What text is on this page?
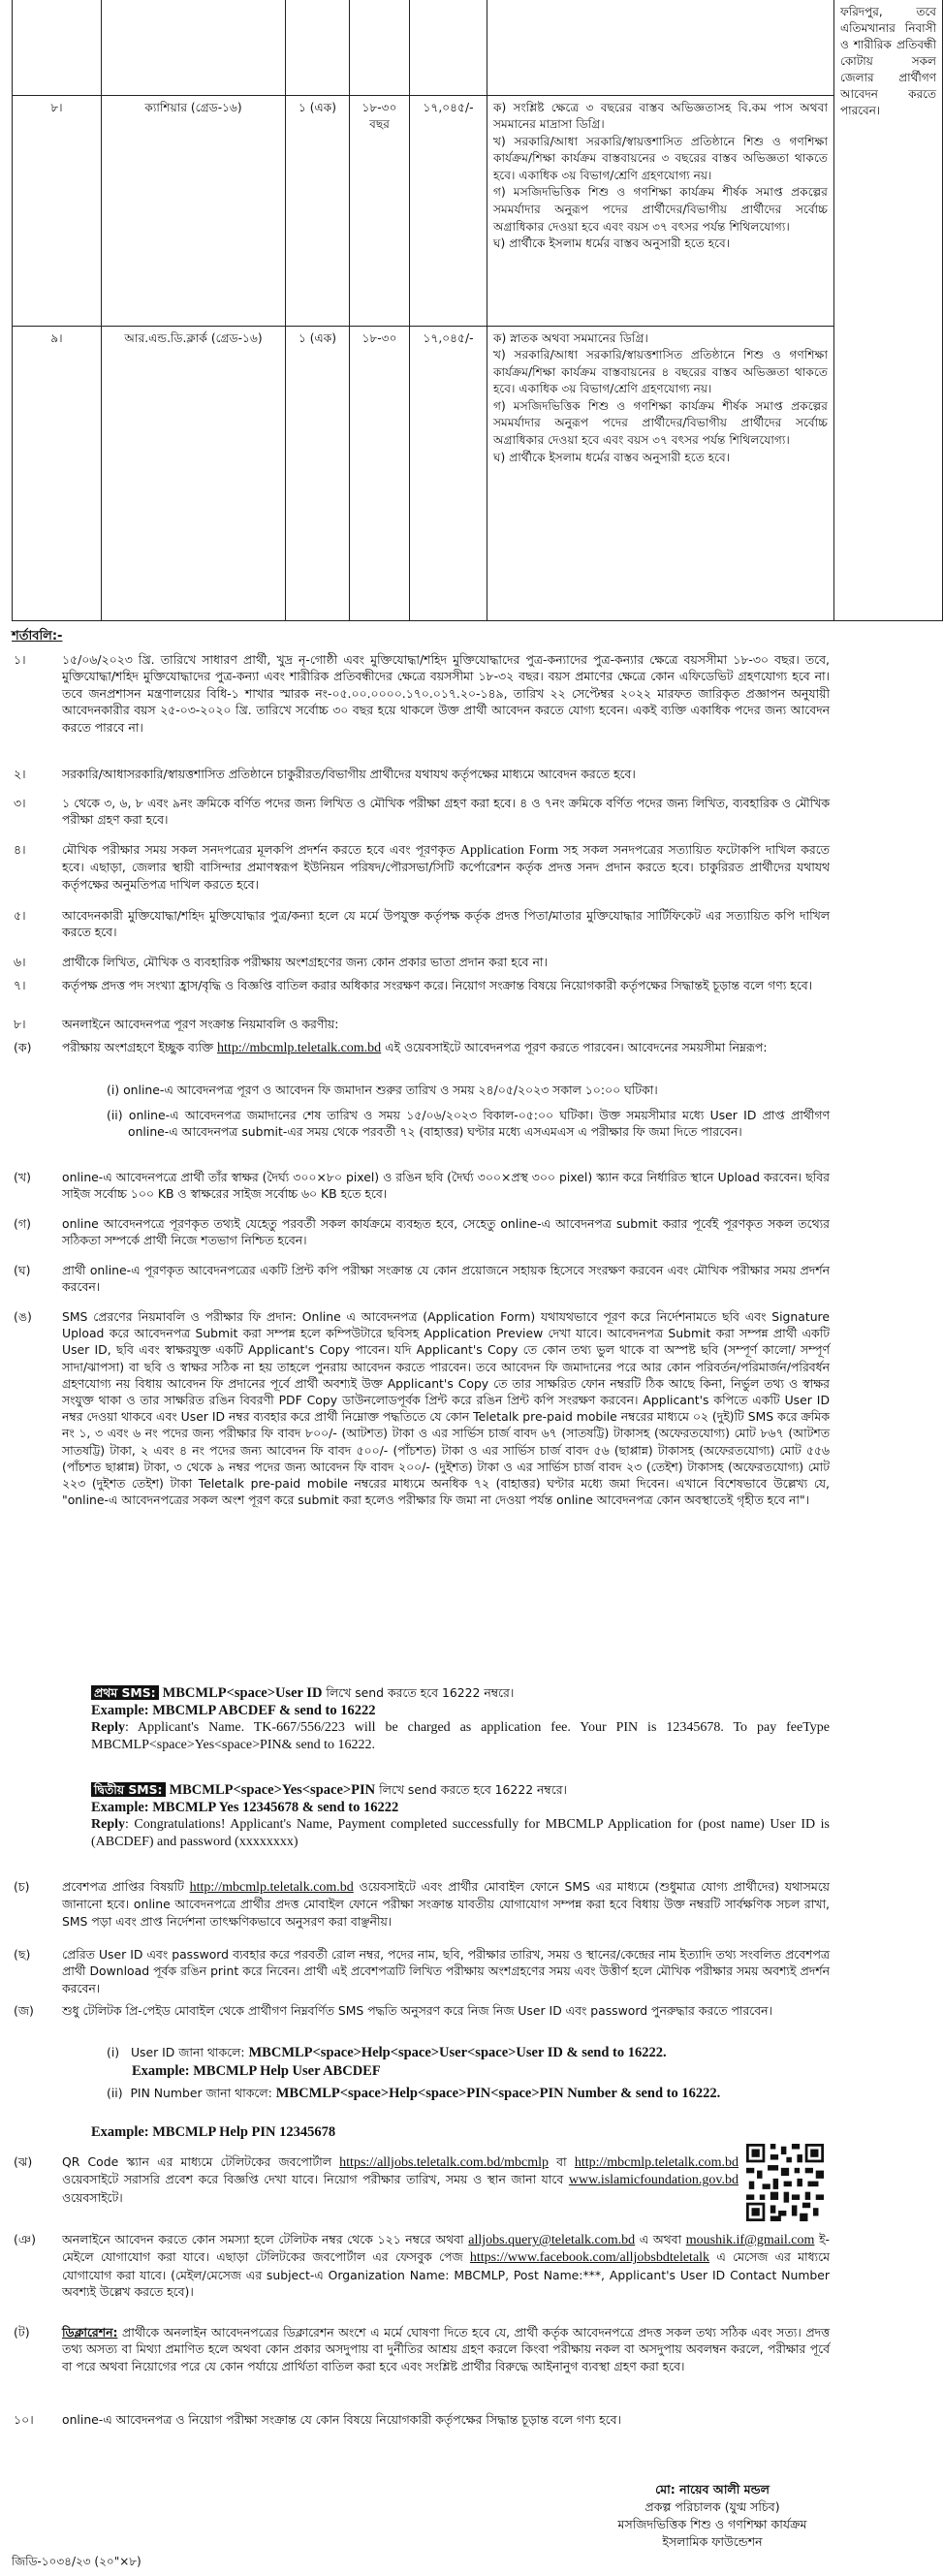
						ফরিদপুর, তবে এতিমখানার নিবাসী ও শারীরিক প্রতিবন্ধী কোটায় সকল জেলার প্রার্থীগণ আবেদন করতে পারবেন।
৮।	ক্যাশিয়ার (গ্রেড-১৬)	১ (এক)	১৮-৩০ বছর	১৭,০৪৫/-	ক) সংশ্লিষ্ট ক্ষেত্রে ৩ বছরের বাস্তব অভিজ্ঞতাসহ বি.কম পাস অথবা সমমানের মাদ্রাসা ডিগ্রি।
খ) সরকারি/আধা সরকারি/স্বায়ত্তশাসিত প্রতিষ্ঠানে শিশু ও গণশিক্ষা কার্যক্রম/শিক্ষা কার্যক্রম বাস্তবায়নের ৩ বছরের বাস্তব অভিজ্ঞতা থাকতে হবে। একাধিক ৩য় বিভাগ/শ্রেণি গ্রহণযোগ্য নয়।
গ) মসজিদভিত্তিক শিশু ও গণশিক্ষা কার্যক্রম শীর্ষক সমাপ্ত প্রকল্পের সমমর্যাদার অনুরূপ পদের প্রার্থীদের/বিভাগীয় প্রার্থীদের সর্বোচ্চ অগ্রাধিকার দেওয়া হবে এবং বয়স ৩৭ বৎসর পর্যন্ত শিথিলযোগ্য।
ঘ) প্রার্থীকে ইসলাম ধর্মের বাস্তব অনুসারী হতে হবে।	

৯।	আর.এন্ড.ডি.ক্লার্ক (গ্রেড-১৬)	১ (এক)	১৮-৩০	১৭,০৪৫/-	ক) স্নাতক অথবা সমমানের ডিগ্রি।
খ) সরকারি/আধা সরকারি/স্বায়ত্তশাসিত প্রতিষ্ঠানে শিশু ও গণশিক্ষা কার্যক্রম/শিক্ষা কার্যক্রম বাস্তবায়নের ৪ বছরের বাস্তব অভিজ্ঞতা থাকতে হবে। একাধিক ৩য় বিভাগ/শ্রেণি গ্রহণযোগ্য নয়।
গ) মসজিদভিত্তিক শিশু ও গণশিক্ষা কার্যক্রম শীর্ষক সমাপ্ত প্রকল্পের সমমর্যাদার অনুরূপ পদের প্রার্থীদের/বিভাগীয় প্রার্থীদের সর্বোচ্চ অগ্রাধিকার দেওয়া হবে এবং বয়স ৩৭ বৎসর পর্যন্ত শিথিলযোগ্য।
ঘ) প্রার্থীকে ইসলাম ধর্মের বাস্তব অনুসারী হতে হবে।	
শর্তাবলি:-
১।	১৫/০৬/২০২৩ খ্রি. তারিখে সাধারণ প্রার্থী, খুদ্র নৃ-গোষ্ঠী এবং মুক্তিযোদ্ধা/শহিদ মুক্তিযোদ্ধাদের পুত্র-কন্যাদের পুত্র-কন্যার ক্ষেত্রে বয়সসীমা ১৮-৩০ বছর। তবে, মুক্তিযোদ্ধা/শহিদ মুক্তিযোদ্ধাদের পুত্র-কন্যা এবং শারীরিক প্রতিবন্ধীদের ক্ষেত্রে বয়সসীমা ১৮-৩২ বছর। বয়স প্রমাণের ক্ষেত্রে কোন এফিডেভিট গ্রহণযোগ্য হবে না। তবে জনপ্রশাসন মন্ত্রণালয়ের বিধি-১ শাখার স্মারক নং-০৫.০০.০০০০.১৭০.০১৭.২০-১৪৯, তারিখ ২২ সেপ্টেম্বর ২০২২ মারফত জারিকৃত প্রজ্ঞাপন অনুযায়ী আবেদনকারীর বয়স ২৫-০৩-২০২০ খ্রি. তারিখে সর্বোচ্চ ৩০ বছর হয়ে থাকলে উক্ত প্রার্থী আবেদন করতে যোগ্য হবেন। একই ব্যক্তি একাধিক পদের জন্য আবেদন করতে পারবে না।
২।	সরকারি/আধাসরকারি/স্বায়ত্তশাসিত প্রতিষ্ঠানে চাকুরীরত/বিভাগীয় প্রার্থীদের যথাযথ কর্তৃপক্ষের মাধ্যমে আবেদন করতে হবে।
৩।	১ থেকে ৩, ৬, ৮ এবং ৯নং ক্রমিকে বর্ণিত পদের জন্য লিখিত ও মৌখিক পরীক্ষা গ্রহণ করা হবে। ৪ ও ৭নং ক্রমিকে বর্ণিত পদের জন্য লিখিত, ব্যবহারিক ও মৌখিক পরীক্ষা গ্রহণ করা হবে।
৪।	মৌখিক পরীক্ষার সময় সকল সনদপত্রের মূলকপি প্রদর্শন করতে হবে এবং পূরণকৃত Application Form সহ সকল সনদপত্রের সত্যায়িত ফটোকপি দাখিল করতে হবে। এছাড়া, জেলার স্থায়ী বাসিন্দার প্রমাণস্বরূপ ইউনিয়ন পরিষদ/পৌরসভা/সিটি কর্পোরেশন কর্তৃক প্রদত্ত সনদ প্রদান করতে হবে। চাকুরিরত প্রার্থীদের যথাযথ কর্তৃপক্ষের অনুমতিপত্র দাখিল করতে হবে।
৫।	আবেদনকারী মুক্তিযোদ্ধা/শহিদ মুক্তিযোদ্ধার পুত্র/কন্যা হলে যে মর্মে উপযুক্ত কর্তৃপক্ষ কর্তৃক প্রদত্ত পিতা/মাতার মুক্তিযোদ্ধার সার্টিফিকেট এর সত্যায়িত কপি দাখিল করতে হবে।
৬।	প্রার্থীকে লিখিত, মৌখিক ও ব্যবহারিক পরীক্ষায় অংশগ্রহণের জন্য কোন প্রকার ভাতা প্রদান করা হবে না।
৭।	কর্তৃপক্ষ প্রদত্ত পদ সংখ্যা হ্রাস/বৃদ্ধি ও বিজ্ঞপ্তি বাতিল করার অধিকার সংরক্ষণ করে। নিয়োগ সংক্রান্ত বিষয়ে নিয়োগকারী কর্তৃপক্ষের সিদ্ধান্তই চূড়ান্ত বলে গণ্য হবে।
৮।	অনলাইনে আবেদনপত্র পূরণ সংক্রান্ত নিয়মাবলি ও করণীয়:
(ক)	পরীক্ষায় অংশগ্রহণে ইচ্ছুক ব্যক্তি http://mbcmlp.teletalk.com.bd এই ওয়েবসাইটে আবেদনপত্র পূরণ করতে পারবেন। আবেদনের সময়সীমা নিম্নরূপ:
(i) online-এ আবেদনপত্র পূরণ ও আবেদন ফি জমাদান শুরুর তারিখ ও সময় ২৪/০৫/২০২৩ সকাল ১০:০০ ঘটিকা।
(ii) online-এ আবেদনপত্র জমাদানের শেষ তারিখ ও সময় ১৫/০৬/২০২৩ বিকাল-০৫:০০ ঘটিকা। উক্ত সময়সীমার মধ্যে User ID প্রাপ্ত প্রার্থীগণ online-এ আবেদনপত্র submit-এর সময় থেকে পরবর্তী ৭২ (বাহাত্তর) ঘণ্টার মধ্যে এসএমএস এ পরীক্ষার ফি জমা দিতে পারবেন।
(খ)	online-এ আবেদনপত্রে প্রার্থী তাঁর স্বাক্ষর (দৈর্ঘ্য ৩০০×৮০ pixel) ও রঙিন ছবি (দৈর্ঘ্য ৩০০×প্রস্থ ৩০০ pixel) স্ক্যান করে নির্ধারিত স্থানে Upload করবেন। ছবির সাইজ সর্বোচ্চ ১০০ KB ও স্বাক্ষরের সাইজ সর্বোচ্চ ৬০ KB হতে হবে।
(গ)	online আবেদনপত্রে পূরণকৃত তথ্যই যেহেতু পরবর্তী সকল কার্যক্রমে ব্যবহৃত হবে, সেহেতু online-এ আবেদনপত্র submit করার পূর্বেই পূরণকৃত সকল তথ্যের সঠিকতা সম্পর্কে প্রার্থী নিজে শতভাগ নিশ্চিত হবেন।
(ঘ)	প্রার্থী online-এ পূরণকৃত আবেদনপত্রের একটি প্রিন্ট কপি পরীক্ষা সংক্রান্ত যে কোন প্রয়োজনে সহায়ক হিসেবে সংরক্ষণ করবেন এবং মৌখিক পরীক্ষার সময় প্রদর্শন করবেন।
(ঙ)	SMS প্রেরণের নিয়মাবলি ও পরীক্ষার ফি প্রদান: Online এ আবেদনপত্র (Application Form) যথাযথভাবে পূরণ করে নির্দেশনামতে ছবি এবং Signature Upload করে আবেদনপত্র Submit করা সম্পন্ন হলে কম্পিউটারে ছবিসহ Application Preview দেখা যাবে। আবেদনপত্র Submit করা সম্পন্ন প্রার্থী একটি User ID, ছবি এবং স্বাক্ষরযুক্ত একটি Applicant's Copy পাবেন। যদি Applicant's Copy তে কোন তথ্য ভুল থাকে বা অস্পষ্ট ছবি (সম্পূর্ণ কালো/ সম্পূর্ণ সাদা/ঝাপসা) বা ছবি ও স্বাক্ষর সঠিক না হয় তাহলে পুনরায় আবেদন করতে পারবেন। তবে আবেদন ফি জমাদানের পরে আর কোন পরিবর্তন/পরিমার্জন/পরিবর্ধন গ্রহণযোগ্য নয় বিধায় আবেদন ফি প্রদানের পূর্বে প্রার্থী অবশ্যই উক্ত Applicant's Copy তে তার সাক্ষরিত ফোন নম্বরটি ঠিক আছে কিনা, নির্ভুল তথ্য ও স্বাক্ষর সংযুক্ত থাকা ও তার সাক্ষরিত রঙিন বিবরণী PDF Copy ডাউনলোডপূর্বক প্রিন্ট করে রঙিন প্রিন্ট কপি সংরক্ষণ করবেন। Applicant's কপিতে একটি User ID নম্বর দেওয়া থাকবে এবং User ID নম্বর ব্যবহার করে প্রার্থী নিম্নোক্ত পদ্ধতিতে যে কোন Teletalk pre-paid mobile নম্বরের মাধ্যমে ০২ (দুই)টি SMS করে ক্রমিক নং ১, ৩ এবং ৬ নং পদের জন্য পরীক্ষার ফি বাবদ ৮০০/- (আটশত) টাকা ও এর সার্ভিস চার্জ বাবদ ৬৭ (সাতষট্টি) টাকাসহ (অফেরতযোগ্য) মোট ৮৬৭ (আটশত সাতষট্টি) টাকা, ২ এবং ৪ নং পদের জন্য আবেদন ফি বাবদ ৫০০/- (পাঁচশত) টাকা ও এর সার্ভিস চার্জ বাবদ ৫৬ (ছাপ্পান্ন) টাকাসহ (অফেরতযোগ্য) মোট ৫৫৬ (পাঁচশত ছাপ্পান্ন) টাকা, ৩ থেকে ৯ নম্বর পদের জন্য আবেদন ফি বাবদ ২০০/- (দুইশত) টাকা ও এর সার্ভিস চার্জ বাবদ ২৩ (তেইশ) টাকাসহ (অফেরতযোগ্য) মোট ২২৩ (দুইশত তেইশ) টাকা Teletalk pre-paid mobile নম্বরের মাধ্যমে অনধিক ৭২ (বাহাত্তর) ঘণ্টার মধ্যে জমা দিবেন। এখানে বিশেষভাবে উল্লেখ্য যে, "online-এ আবেদনপত্রের সকল অংশ পূরণ করে submit করা হলেও পরীক্ষার ফি জমা না দেওয়া পর্যন্ত online আবেদনপত্র কোন অবস্থাতেই গৃহীত হবে না"।
প্রথম SMS: MBCMLP<space>User ID লিখে send করতে হবে 16222 নম্বরে।
Example: MBCMLP ABCDEF & send to 16222
Reply: Applicant's Name. TK-667/556/223 will be charged as application fee. Your PIN is 12345678. To pay feeType MBCMLP<space>Yes<space>PIN& send to 16222.
দ্বিতীয় SMS: MBCMLP<space>Yes<space>PIN লিখে send করতে হবে 16222 নম্বরে।
Example: MBCMLP Yes 12345678 & send to 16222
Reply: Congratulations! Applicant's Name, Payment completed successfully for MBCMLP Application for (post name) User ID is (ABCDEF) and password (xxxxxxxx)
(চ)	প্রবেশপত্র প্রাপ্তির বিষয়টি http://mbcmlp.teletalk.com.bd ওয়েবসাইটে এবং প্রার্থীর মোবাইল ফোনে SMS এর মাধ্যমে (শুধুমাত্র যোগ্য প্রার্থীদের) যথাসময়ে জানানো হবে। online আবেদনপত্রে প্রার্থীর প্রদত্ত মোবাইল ফোনে পরীক্ষা সংক্রান্ত যাবতীয় যোগাযোগ সম্পন্ন করা হবে বিধায় উক্ত নম্বরটি সার্বক্ষণিক সচল রাখা, SMS পড়া এবং প্রাপ্ত নির্দেশনা তাৎক্ষণিকভাবে অনুসরণ করা বাঞ্ছনীয়।
(ছ)	প্রেরিত User ID এবং password ব্যবহার করে পরবর্তী রোল নম্বর, পদের নাম, ছবি, পরীক্ষার তারিখ, সময় ও স্থানের/কেন্দ্রের নাম ইত্যাদি তথ্য সংবলিত প্রবেশপত্র প্রার্থী Download পূর্বক রঙিন print করে নিবেন। প্রার্থী এই প্রবেশপত্রটি লিখিত পরীক্ষায় অংশগ্রহণের সময় এবং উত্তীর্ণ হলে মৌখিক পরীক্ষার সময় অবশ্যই প্রদর্শন করবেন।
(জ)	শুধু টেলিটক প্রি-পেইড মোবাইল থেকে প্রার্থীগণ নিম্নবর্ণিত SMS পদ্ধতি অনুসরণ করে নিজ নিজ User ID এবং password পুনরুদ্ধার করতে পারবেন।
(i) User ID জানা থাকলে: MBCMLP<space>Help<space>User<space>User ID & send to 16222.
Example: MBCMLP Help User ABCDEF
(ii) PIN Number জানা থাকলে: MBCMLP<space>Help<space>PIN<space>PIN Number & send to 16222.
Example: MBCMLP Help PIN 12345678
(ঝ)	QR Code স্ক্যান এর মাধ্যমে টেলিটকের জবপোর্টাল https://alljobs.teletalk.com.bd/mbcmlp বা http://mbcmlp.teletalk.com.bd ওয়েবসাইটে সরাসরি প্রবেশ করে বিজ্ঞপ্তি দেখা যাবে। নিয়োগ পরীক্ষার তারিখ, সময় ও স্থান জানা যাবে www.islamicfoundation.gov.bd ওয়েবসাইটে।
(ঞ)	অনলাইনে আবেদন করতে কোন সমস্যা হলে টেলিটক নম্বর থেকে ১২১ নম্বরে অথবা alljobs.query@teletalk.com.bd এ অথবা moushik.if@gmail.com ই-মেইলে যোগাযোগ করা যাবে। এছাড়া টেলিটকের জবপোর্টাল এর ফেসবুক পেজ https://www.facebook.com/alljobsbdteletalk এ মেসেজ এর মাধ্যমে যোগাযোগ করা যাবে। (মেইল/মেসেজ এর subject-এ Organization Name: MBCMLP, Post Name:***, Applicant's User ID Contact Number অবশ্যই উল্লেখ করতে হবে)।
(ট)	ডিক্লারেশন: প্রার্থীকে অনলাইন আবেদনপত্রের ডিক্লারেশন অংশে এ মর্মে ঘোষণা দিতে হবে যে, প্রার্থী কর্তৃক আবেদনপত্রে প্রদত্ত সকল তথ্য সঠিক এবং সত্য। প্রদত্ত তথ্য অসত্য বা মিথ্যা প্রমাণিত হলে অথবা কোন প্রকার অসদুপায় বা দুর্নীতির আশ্রয় গ্রহণ করলে কিংবা পরীক্ষায় নকল বা অসদুপায় অবলম্বন করলে, পরীক্ষার পূর্বে বা পরে অথবা নিয়োগের পরে যে কোন পর্যায়ে প্রার্থিতা বাতিল করা হবে এবং সংশ্লিষ্ট প্রার্থীর বিরুদ্ধে আইনানুগ ব্যবস্থা গ্রহণ করা হবে।
১০।	online-এ আবেদনপত্র ও নিয়োগ পরীক্ষা সংক্রান্ত যে কোন বিষয়ে নিয়োগকারী কর্তৃপক্ষের সিদ্ধান্ত চূড়ান্ত বলে গণ্য হবে।
মো: নায়েব আলী মন্ডল
প্রকল্প পরিচালক (যুগ্ম সচিব)
মসজিদভিত্তিক শিশু ও গণশিক্ষা কার্যক্রম
ইসলামিক ফাউন্ডেশন
জিডি-১০৩৪/২৩ (২০"×৮)
